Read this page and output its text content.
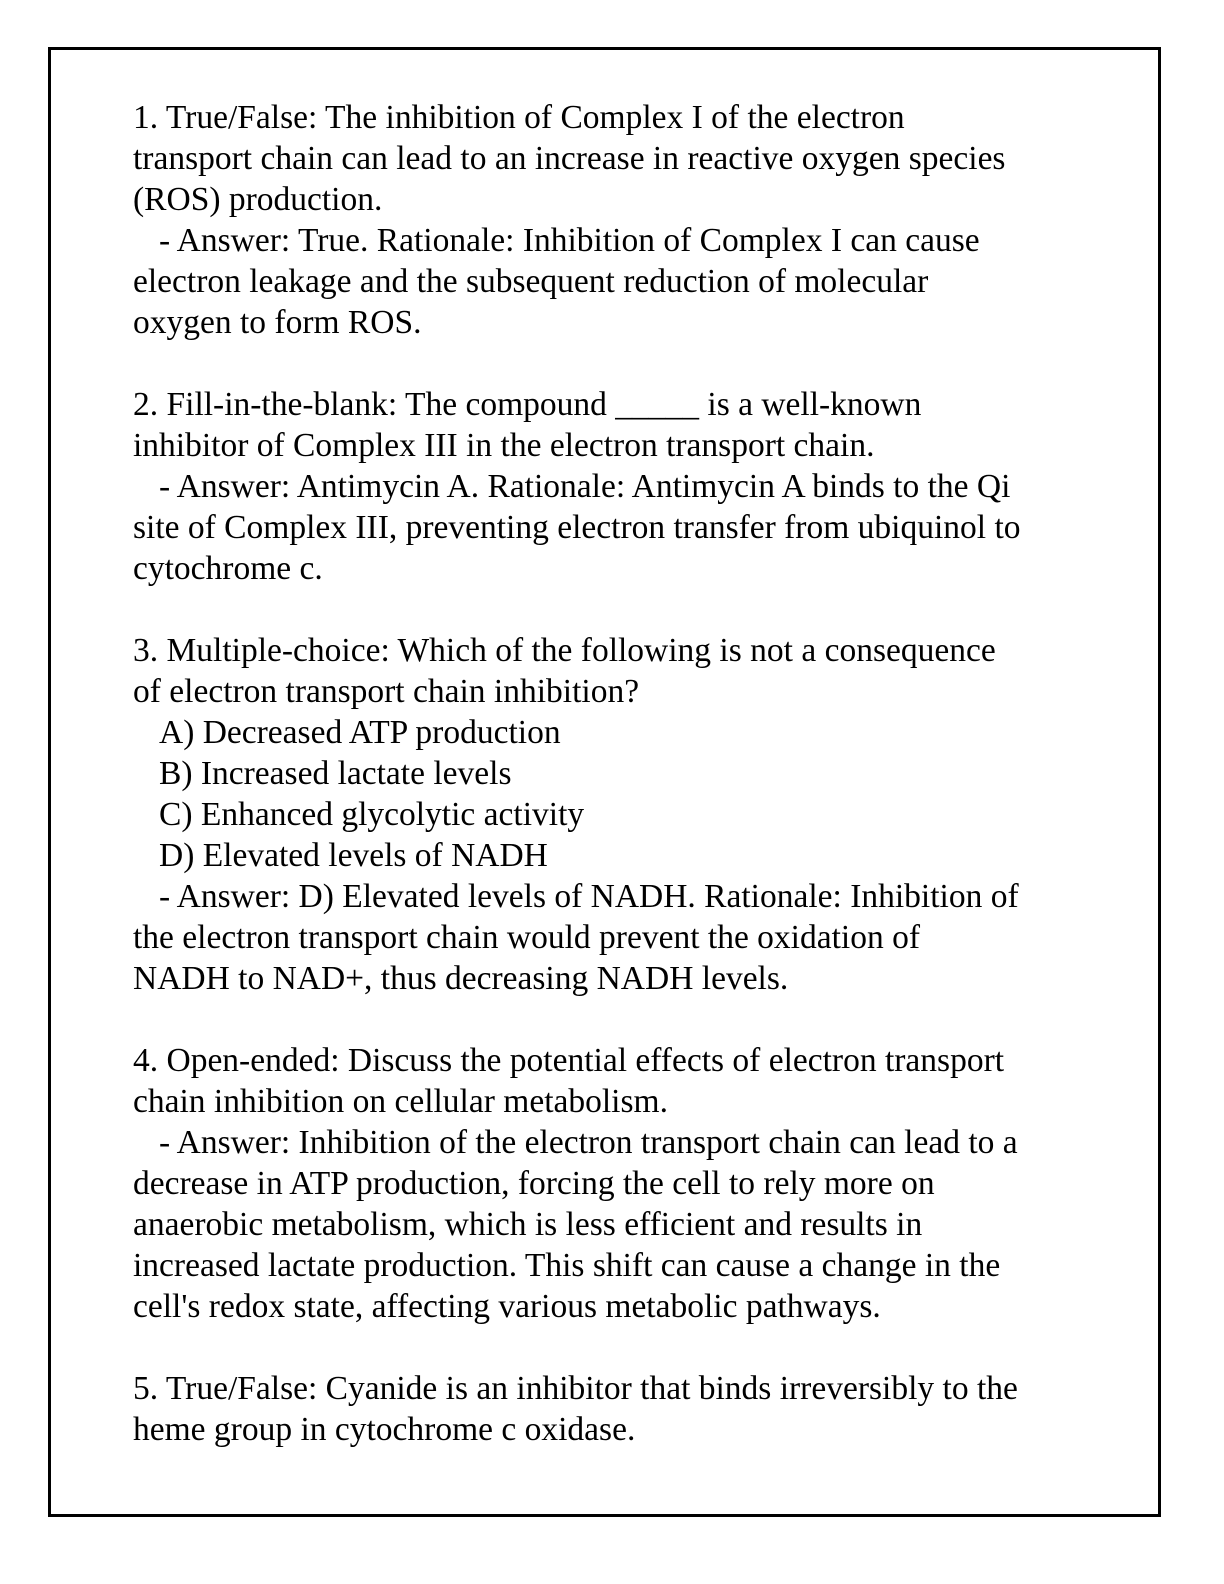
1. True/False: The inhibition of Complex I of the electron
transport chain can lead to an increase in reactive oxygen species
(ROS) production.
- Answer: True. Rationale: Inhibition of Complex I can cause
electron leakage and the subsequent reduction of molecular
oxygen to form ROS.
2. Fill-in-the-blank: The compound _____ is a well-known
inhibitor of Complex III in the electron transport chain.
- Answer: Antimycin A. Rationale: Antimycin A binds to the Qi
site of Complex III, preventing electron transfer from ubiquinol to
cytochrome c.
3. Multiple-choice: Which of the following is not a consequence
of electron transport chain inhibition?
A) Decreased ATP production
B) Increased lactate levels
C) Enhanced glycolytic activity
D) Elevated levels of NADH
- Answer: D) Elevated levels of NADH. Rationale: Inhibition of
the electron transport chain would prevent the oxidation of
NADH to NAD+, thus decreasing NADH levels.
4. Open-ended: Discuss the potential effects of electron transport
chain inhibition on cellular metabolism.
- Answer: Inhibition of the electron transport chain can lead to a
decrease in ATP production, forcing the cell to rely more on
anaerobic metabolism, which is less efficient and results in
increased lactate production. This shift can cause a change in the
cell's redox state, affecting various metabolic pathways.
5. True/False: Cyanide is an inhibitor that binds irreversibly to the
heme group in cytochrome c oxidase.
